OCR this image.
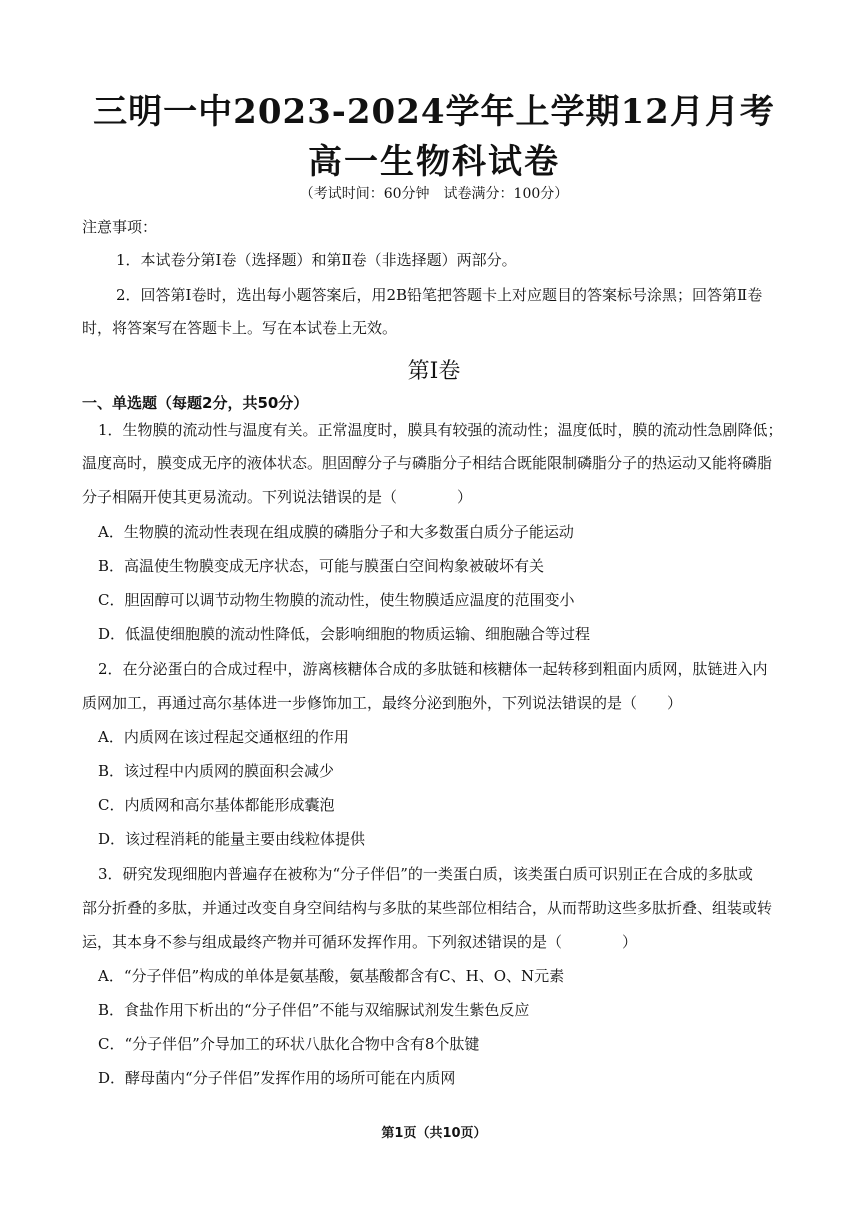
三明一中2023-2024学年上学期12月月考
高一生物科试卷
（考试时间：60分钟　试卷满分：100分）
注意事项：
1．本试卷分第Ⅰ卷（选择题）和第Ⅱ卷（非选择题）两部分。
2．回答第Ⅰ卷时，选出每小题答案后，用2B铅笔把答题卡上对应题目的答案标号涂黑；回答第Ⅱ卷
时，将答案写在答题卡上。写在本试卷上无效。
第Ⅰ卷
一、单选题（每题2分，共50分）
1．生物膜的流动性与温度有关。正常温度时，膜具有较强的流动性；温度低时，膜的流动性急剧降低；
温度高时，膜变成无序的液体状态。胆固醇分子与磷脂分子相结合既能限制磷脂分子的热运动又能将磷脂
分子相隔开使其更易流动。下列说法错误的是（　　　　）
A．生物膜的流动性表现在组成膜的磷脂分子和大多数蛋白质分子能运动
B．高温使生物膜变成无序状态，可能与膜蛋白空间构象被破坏有关
C．胆固醇可以调节动物生物膜的流动性，使生物膜适应温度的范围变小
D．低温使细胞膜的流动性降低，会影响细胞的物质运输、细胞融合等过程
2．在分泌蛋白的合成过程中，游离核糖体合成的多肽链和核糖体一起转移到粗面内质网，肽链进入内
质网加工，再通过高尔基体进一步修饰加工，最终分泌到胞外，下列说法错误的是（　　）
A．内质网在该过程起交通枢纽的作用
B．该过程中内质网的膜面积会减少
C．内质网和高尔基体都能形成囊泡
D．该过程消耗的能量主要由线粒体提供
3．研究发现细胞内普遍存在被称为“分子伴侣”的一类蛋白质，该类蛋白质可识别正在合成的多肽或
部分折叠的多肽，并通过改变自身空间结构与多肽的某些部位相结合，从而帮助这些多肽折叠、组装或转
运，其本身不参与组成最终产物并可循环发挥作用。下列叙述错误的是（　　　　）
A．“分子伴侣”构成的单体是氨基酸，氨基酸都含有C、H、O、N元素
B．食盐作用下析出的“分子伴侣”不能与双缩脲试剂发生紫色反应
C．“分子伴侣”介导加工的环状八肽化合物中含有8个肽键
D．酵母菌内“分子伴侣”发挥作用的场所可能在内质网
第1页（共10页）
